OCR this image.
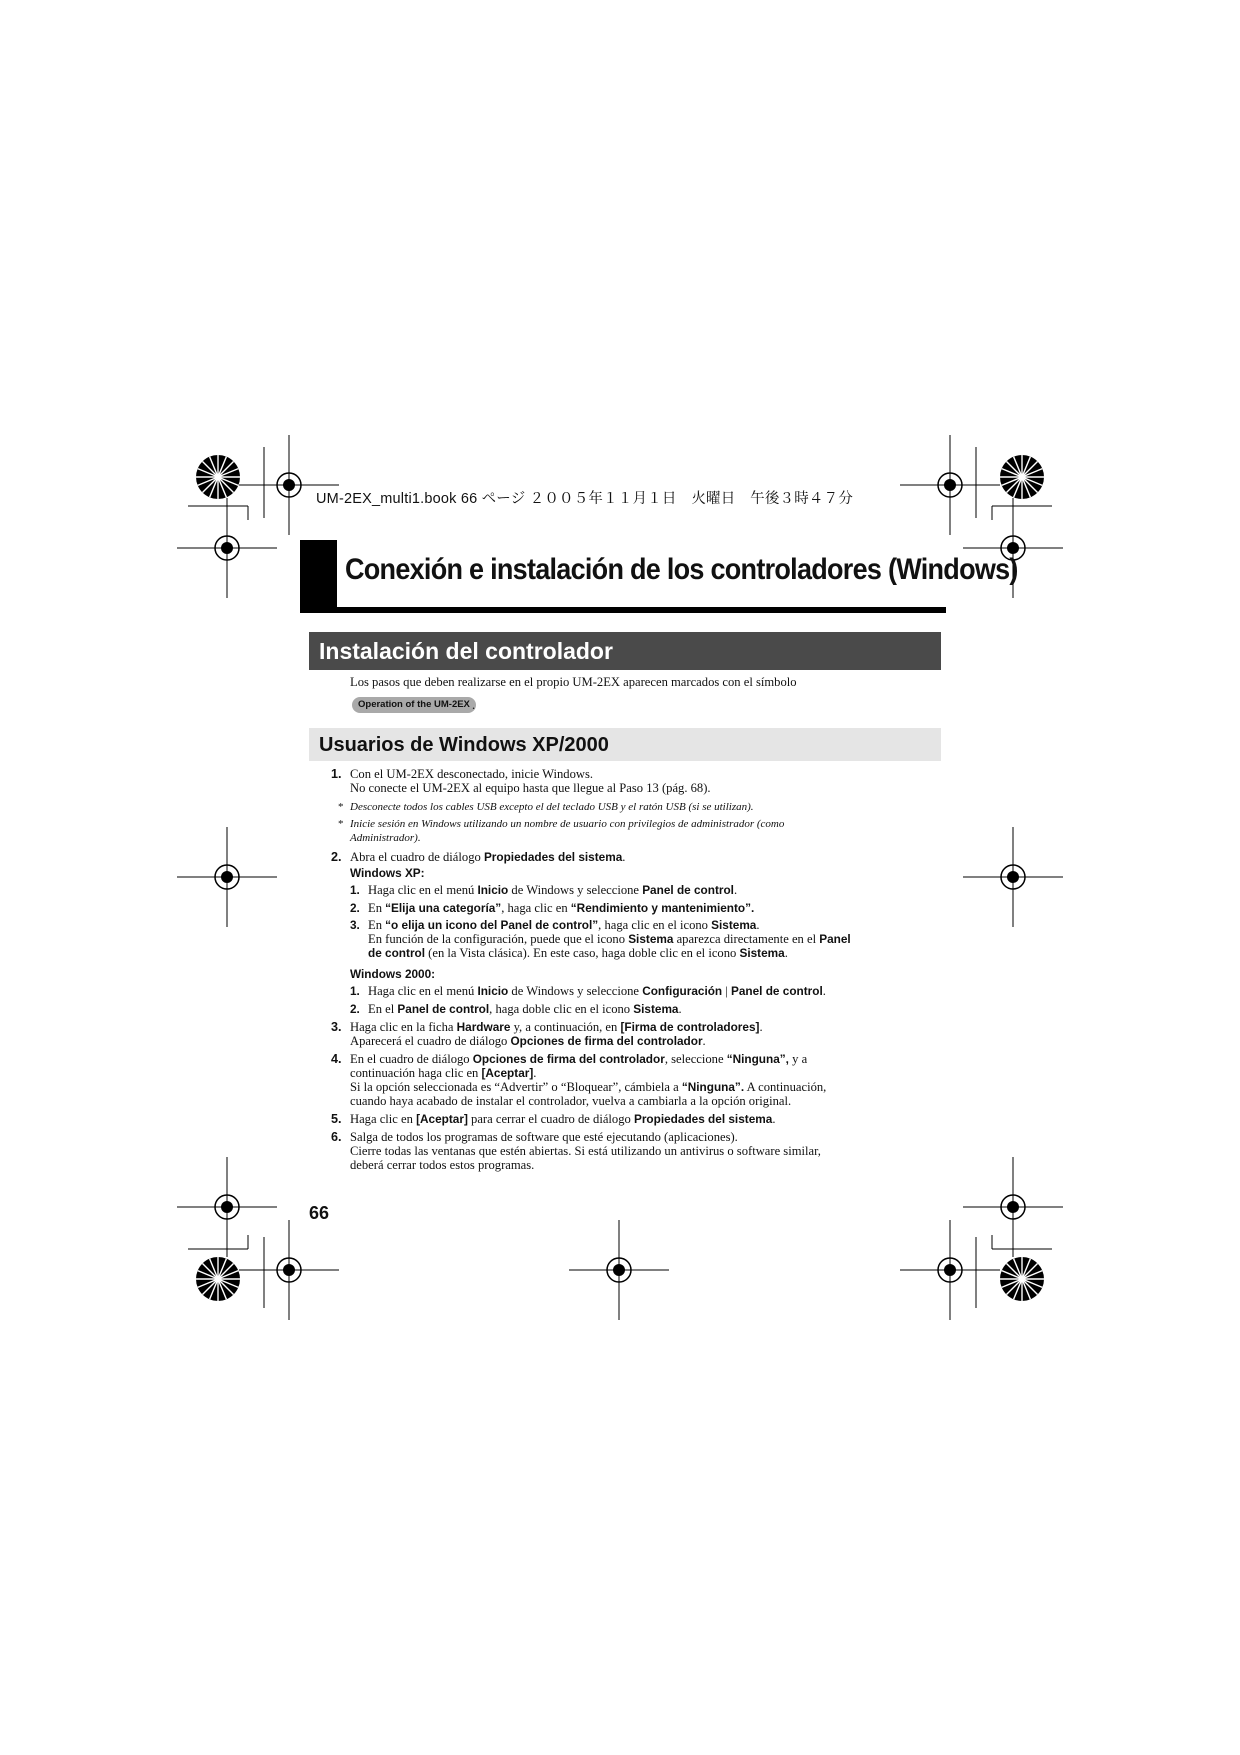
UM-2EX_multi1.book 66 ページ ２００５年１１月１日　火曜日　午後３時４７分
Conexión e instalación de los controladores (Windows)
Instalación del controlador
Los pasos que deben realizarse en el propio UM-2EX aparecen marcados con el símbolo
Operation of the UM-2EX .
Usuarios de Windows XP/2000
1. Con el UM-2EX desconectado, inicie Windows.
No conecte el UM-2EX al equipo hasta que llegue al Paso 13 (pág. 68).
* Desconecte todos los cables USB excepto el del teclado USB y el ratón USB (si se utilizan).
* Inicie sesión en Windows utilizando un nombre de usuario con privilegios de administrador (como
Administrador).
2. Abra el cuadro de diálogo Propiedades del sistema.
Windows XP:
1. Haga clic en el menú Inicio de Windows y seleccione Panel de control.
2. En “Elija una categoría”, haga clic en “Rendimiento y mantenimiento”.
3. En “o elija un icono del Panel de control”, haga clic en el icono Sistema.
En función de la configuración, puede que el icono Sistema aparezca directamente en el Panel
de control (en la Vista clásica). En este caso, haga doble clic en el icono Sistema.
Windows 2000:
1. Haga clic en el menú Inicio de Windows y seleccione Configuración | Panel de control.
2. En el Panel de control, haga doble clic en el icono Sistema.
3. Haga clic en la ficha Hardware y, a continuación, en [Firma de controladores].
Aparecerá el cuadro de diálogo Opciones de firma del controlador.
4. En el cuadro de diálogo Opciones de firma del controlador, seleccione “Ninguna”, y a
continuación haga clic en [Aceptar].
Si la opción seleccionada es “Advertir” o “Bloquear”, cámbiela a “Ninguna”. A continuación,
cuando haya acabado de instalar el controlador, vuelva a cambiarla a la opción original.
5. Haga clic en [Aceptar] para cerrar el cuadro de diálogo Propiedades del sistema.
6. Salga de todos los programas de software que esté ejecutando (aplicaciones).
Cierre todas las ventanas que estén abiertas. Si está utilizando un antivirus o software similar,
deberá cerrar todos estos programas.
66
